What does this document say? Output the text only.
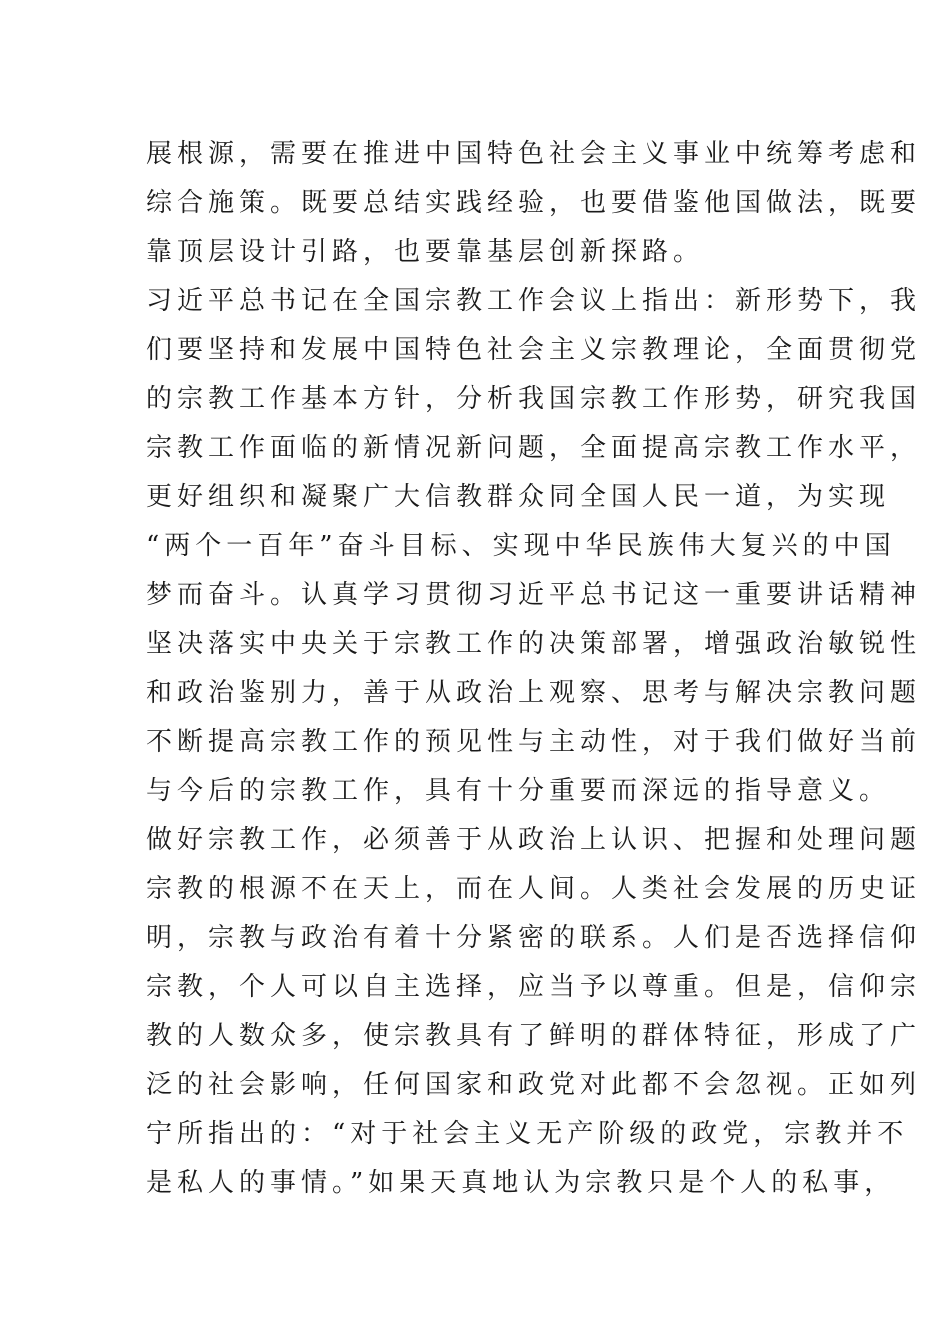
展根源，需要在推进中国特色社会主义事业中统筹考虑和
综合施策。既要总结实践经验，也要借鉴他国做法，既要
靠顶层设计引路，也要靠基层创新探路。
习近平总书记在全国宗教工作会议上指出：新形势下，我
们要坚持和发展中国特色社会主义宗教理论，全面贯彻党
的宗教工作基本方针，分析我国宗教工作形势，研究我国
宗教工作面临的新情况新问题，全面提高宗教工作水平，
更好组织和凝聚广大信教群众同全国人民一道，为实现
“两个一百年”奋斗目标、实现中华民族伟大复兴的中国
梦而奋斗。认真学习贯彻习近平总书记这一重要讲话精神
坚决落实中央关于宗教工作的决策部署，增强政治敏锐性
和政治鉴别力，善于从政治上观察、思考与解决宗教问题
不断提高宗教工作的预见性与主动性，对于我们做好当前
与今后的宗教工作，具有十分重要而深远的指导意义。
做好宗教工作，必须善于从政治上认识、把握和处理问题
宗教的根源不在天上，而在人间。人类社会发展的历史证
明，宗教与政治有着十分紧密的联系。人们是否选择信仰
宗教，个人可以自主选择，应当予以尊重。但是，信仰宗
教的人数众多，使宗教具有了鲜明的群体特征，形成了广
泛的社会影响，任何国家和政党对此都不会忽视。正如列
宁所指出的：“对于社会主义无产阶级的政党，宗教并不
是私人的事情。”如果天真地认为宗教只是个人的私事，
